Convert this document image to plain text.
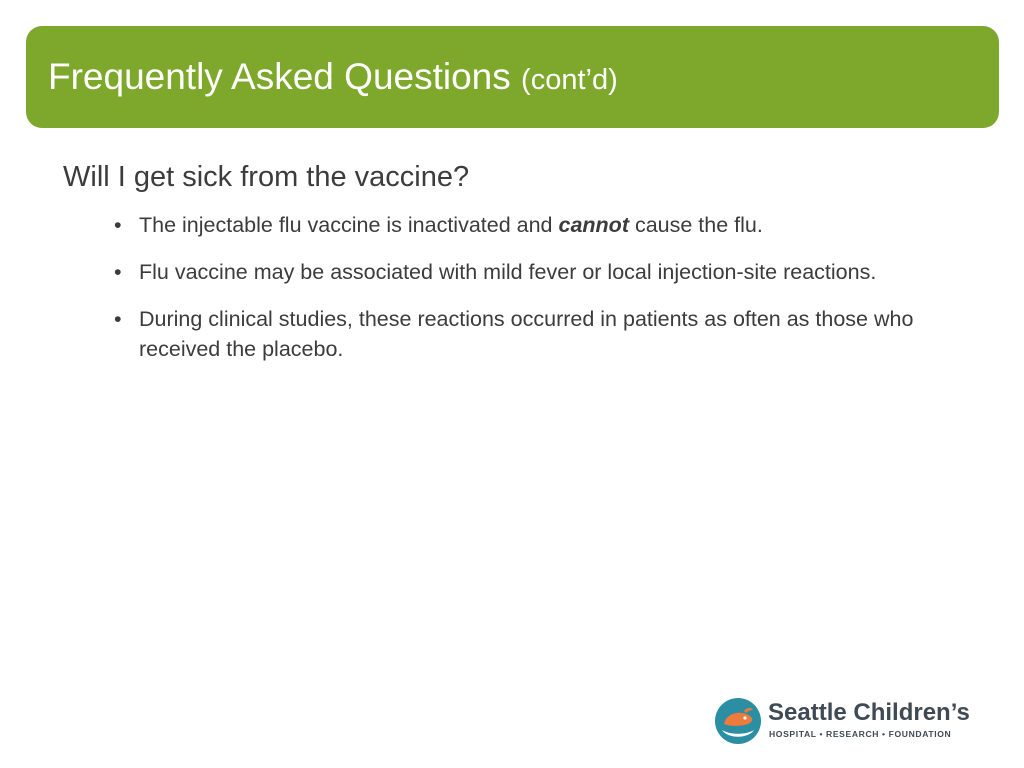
Frequently Asked Questions (cont’d)
Will I get sick from the vaccine?
• The injectable flu vaccine is inactivated and cannot cause the flu.
• Flu vaccine may be associated with mild fever or local injection-site reactions.
• During clinical studies, these reactions occurred in patients as often as those who received the placebo.
Seattle Children’s
HOSPITAL • RESEARCH • FOUNDATION
